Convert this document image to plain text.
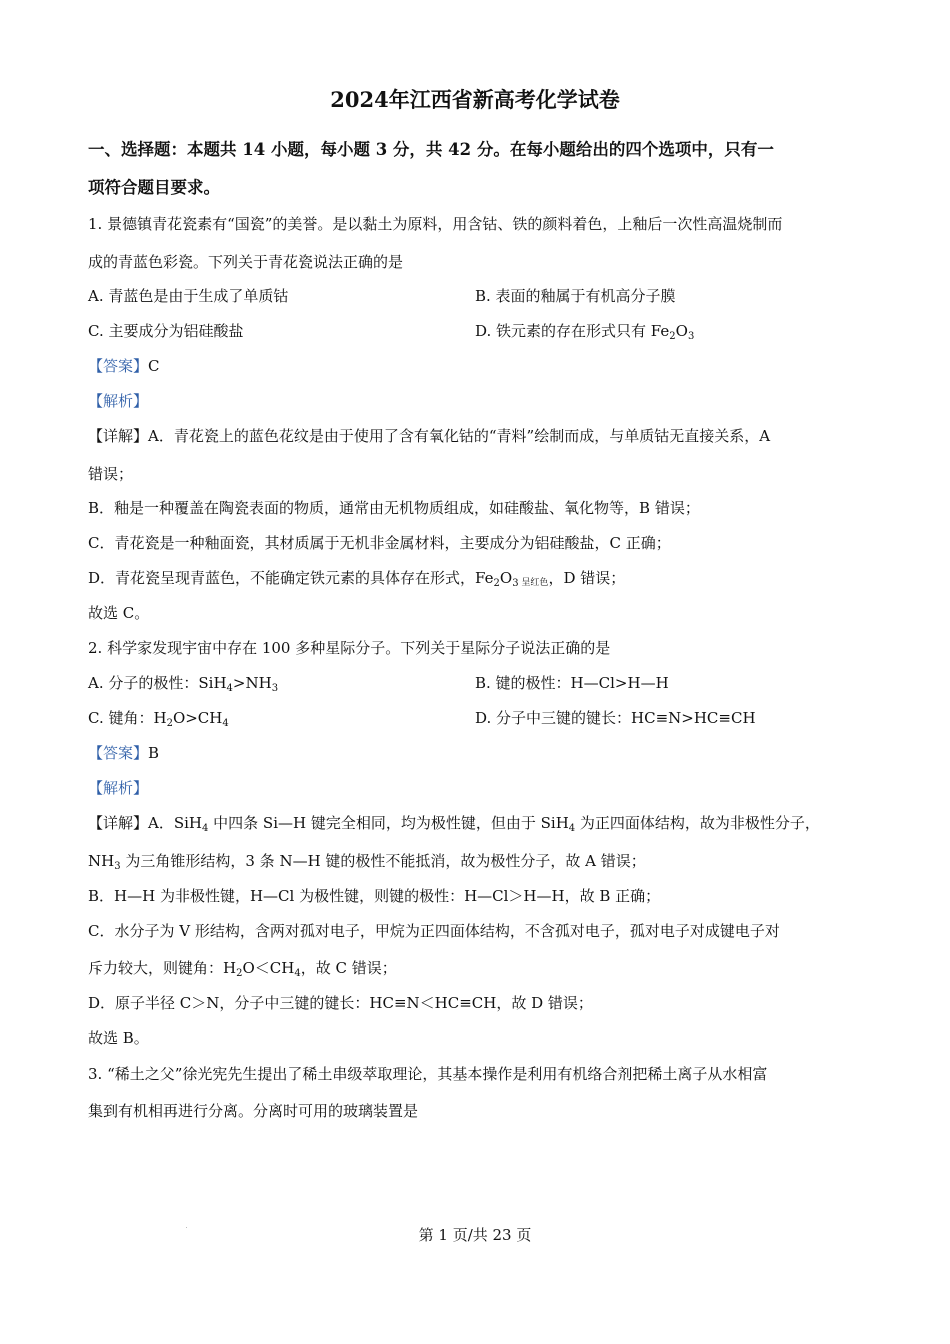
2024年江西省新高考化学试卷
一、选择题：本题共 14 小题，每小题 3 分，共 42 分。在每小题给出的四个选项中，只有一
项符合题目要求。
1. 景德镇青花瓷素有“国瓷”的美誉。是以黏土为原料，用含钴、铁的颜料着色，上釉后一次性高温烧制而
成的青蓝色彩瓷。下列关于青花瓷说法正确的是
A. 青蓝色是由于生成了单质钴	B. 表面的釉属于有机高分子膜
C. 主要成分为铝硅酸盐	D. 铁元素的存在形式只有 $Fe_2O_3$
【答案】C
【解析】
【详解】A．青花瓷上的蓝色花纹是由于使用了含有氧化钴的“青料”绘制而成，与单质钴无直接关系，A
错误；
B．釉是一种覆盖在陶瓷表面的物质，通常由无机物质组成，如硅酸盐、氧化物等，B 错误；
C．青花瓷是一种釉面瓷，其材质属于无机非金属材料，主要成分为铝硅酸盐，C 正确；
D．青花瓷呈现青蓝色，不能确定铁元素的具体存在形式，$Fe_2O_3$ 呈红色，D 错误；
故选 C。
2. 科学家发现宇宙中存在 100 多种星际分子。下列关于星际分子说法正确的是
A. 分子的极性：$SiH_4>NH_3$	B. 键的极性：H—Cl>H—H
C. 键角：$H_2O>CH_4$	D. 分子中三键的键长：HC≡N>HC≡CH
【答案】B
【解析】
【详解】A．SiH$_4$ 中四条 Si—H 键完全相同，均为极性键，但由于 SiH$_4$ 为正四面体结构，故为非极性分子，
$NH_3$ 为三角锥形结构，3 条 N—H 键的极性不能抵消，故为极性分子，故 A 错误；
B．H—H 为非极性键，H—Cl 为极性键，则键的极性：H—Cl＞H—H，故 B 正确；
C．水分子为 V 形结构，含两对孤对电子，甲烷为正四面体结构，不含孤对电子，孤对电子对成键电子对
斥力较大，则键角：$H_2O<CH_4$，故 C 错误；
D．原子半径 C＞N，分子中三键的键长：HC≡N＜HC≡CH，故 D 错误；
故选 B。
3. “稀土之父”徐光宪先生提出了稀土串级萃取理论，其基本操作是利用有机络合剂把稀土离子从水相富
集到有机相再进行分离。分离时可用的玻璃装置是
第 1 页/共 23 页
